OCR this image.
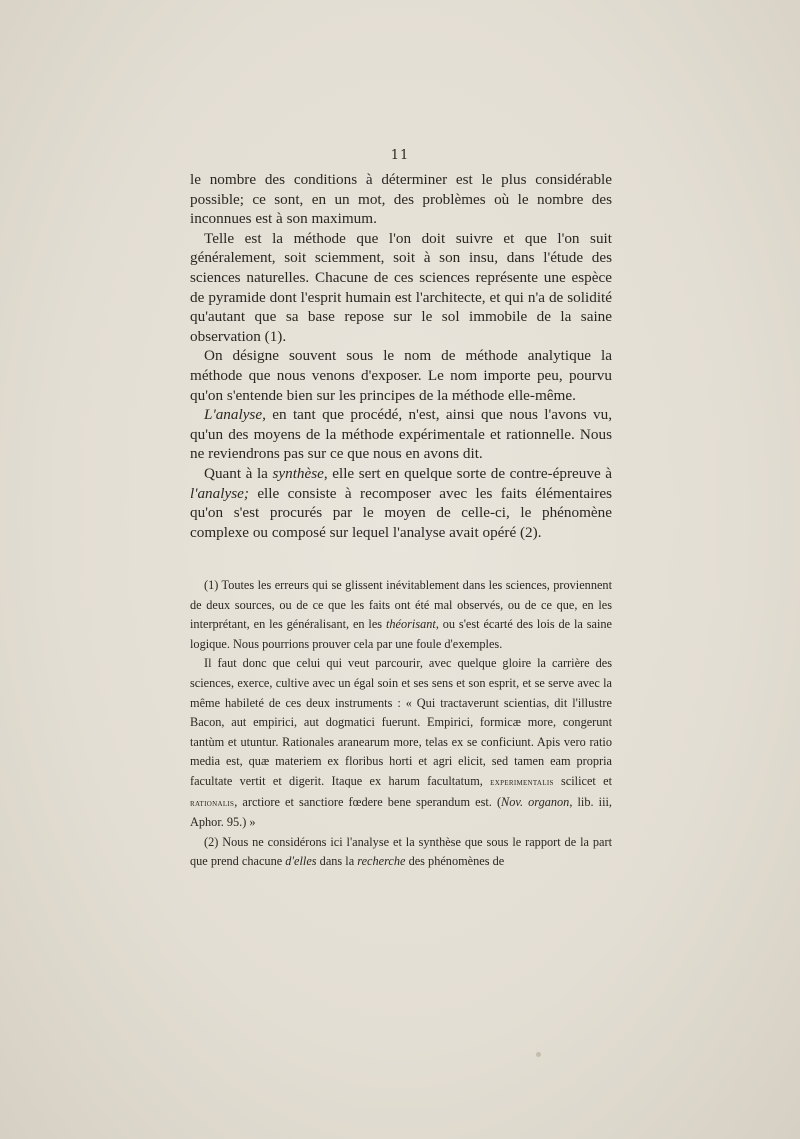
11

le nombre des conditions à déterminer est le plus considérable possible; ce sont, en un mot, des problèmes où le nombre des inconnues est à son maximum.

Telle est la méthode que l'on doit suivre et que l'on suit généralement, soit sciemment, soit à son insu, dans l'étude des sciences naturelles. Chacune de ces sciences représente une espèce de pyramide dont l'esprit humain est l'architecte, et qui n'a de solidité qu'autant que sa base repose sur le sol immobile de la saine observation (1).

On désigne souvent sous le nom de méthode analytique la méthode que nous venons d'exposer. Le nom importe peu, pourvu qu'on s'entende bien sur les principes de la méthode elle-même.

L'analyse, en tant que procédé, n'est, ainsi que nous l'avons vu, qu'un des moyens de la méthode expérimentale et rationnelle. Nous ne reviendrons pas sur ce que nous en avons dit.

Quant à la synthèse, elle sert en quelque sorte de contre-épreuve à l'analyse; elle consiste à recomposer avec les faits élémentaires qu'on s'est procurés par le moyen de celle-ci, le phénomène complexe ou composé sur lequel l'analyse avait opéré (2).

(1) Toutes les erreurs qui se glissent inévitablement dans les sciences, proviennent de deux sources, ou de ce que les faits ont été mal observés, ou de ce que, en les interprétant, en les généralisant, en les théorisant, ou s'est écarté des lois de la saine logique. Nous pourrions prouver cela par une foule d'exemples.

Il faut donc que celui qui veut parcourir, avec quelque gloire la carrière des sciences, exerce, cultive avec un égal soin et ses sens et son esprit, et se serve avec la même habileté de ces deux instruments : « Qui tractaverunt scientias, dit l'illustre Bacon, aut empirici, aut dogmatici fuerunt. Empirici, formicæ more, congerunt tantùm et utuntur. Rationales aranearum more, telas ex se conficiunt. Apis vero ratio media est, quæ materiem ex floribus horti et agri elicit, sed tamen eam propria facultate vertit et digerit. Itaque ex harum facultatum, experimentalis scilicet et rationalis, arctiore et sanctiore fœdere bene sperandum est. (Nov. organon, lib. iii, Aphor. 95.) »

(2) Nous ne considérons ici l'analyse et la synthèse que sous le rapport de la part que prend chacune d'elles dans la recherche des phénomènes de
